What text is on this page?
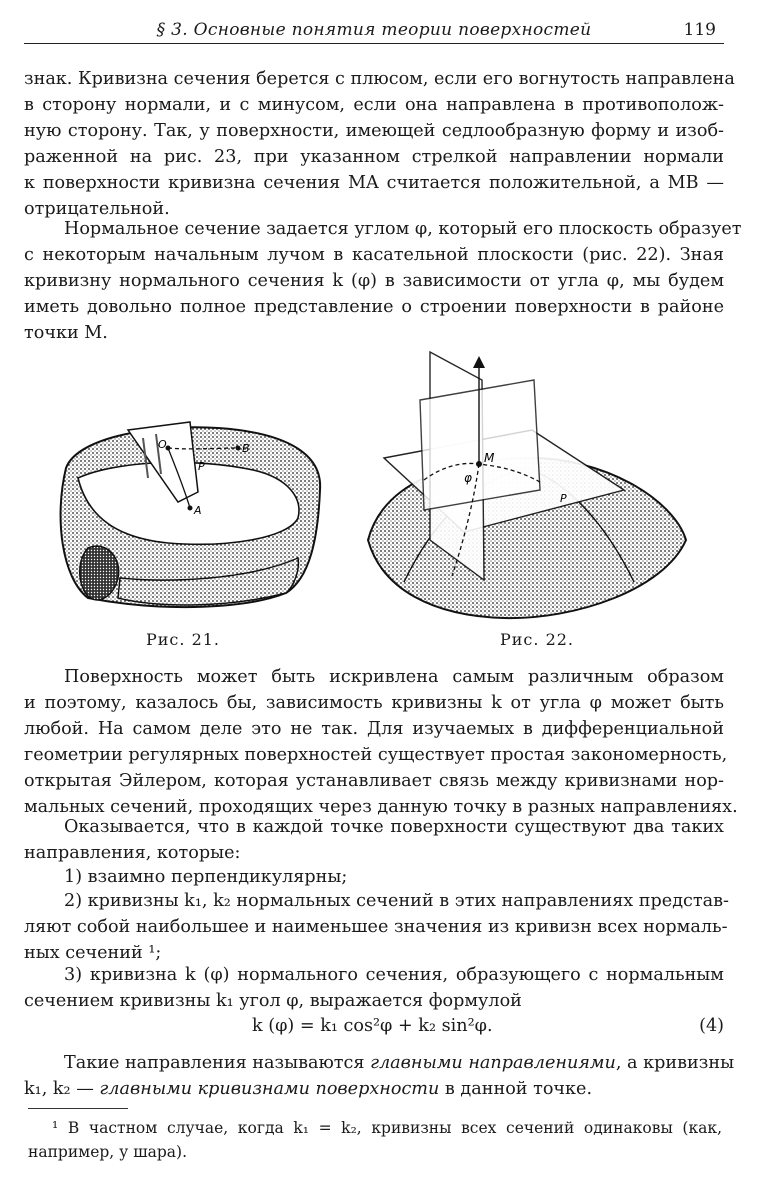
§ 3. Основные понятия теории поверхностей	119
знак. Кривизна сечения берется с плюсом, если его вогнутость направлена
в сторону нормали, и с минусом, если она направлена в противополож-
ную сторону. Так, у поверхности, имеющей седлообразную форму и изоб-
раженной на рис. 23, при указанном стрелкой направлении нормали
к поверхности кривизна сечения MA считается положительной, а MB —
отрицательной.
Нормальное сечение задается углом φ, который его плоскость образует
с некоторым начальным лучом в касательной плоскости (рис. 22). Зная
кривизну нормального сечения k (φ) в зависимости от угла φ, мы будем
иметь довольно полное представление о строении поверхности в районе
точки M.
O	B
P
A
Рис. 21.
M
φ
P
Рис. 22.
Поверхность может быть искривлена самым различным образом
и поэтому, казалось бы, зависимость кривизны k от угла φ может быть
любой. На самом деле это не так. Для изучаемых в дифференциальной
геометрии регулярных поверхностей существует простая закономерность,
открытая Эйлером, которая устанавливает связь между кривизнами нор-
мальных сечений, проходящих через данную точку в разных направлениях.
Оказывается, что в каждой точке поверхности существуют два таких
направления, которые:
1) взаимно перпендикулярны;
2) кривизны k₁, k₂ нормальных сечений в этих направлениях представ-
ляют собой наибольшее и наименьшее значения из кривизн всех нормаль-
ных сечений ¹;
3) кривизна k (φ) нормального сечения, образующего с нормальным
сечением кривизны k₁ угол φ, выражается формулой
k (φ) = k₁ cos²φ + k₂ sin²φ.	(4)
Такие направления называются главными направлениями, а кривизны
k₁, k₂ — главными кривизнами поверхности в данной точке.
¹ В частном случае, когда k₁ = k₂, кривизны всех сечений одинаковы (как,
например, у шара).
